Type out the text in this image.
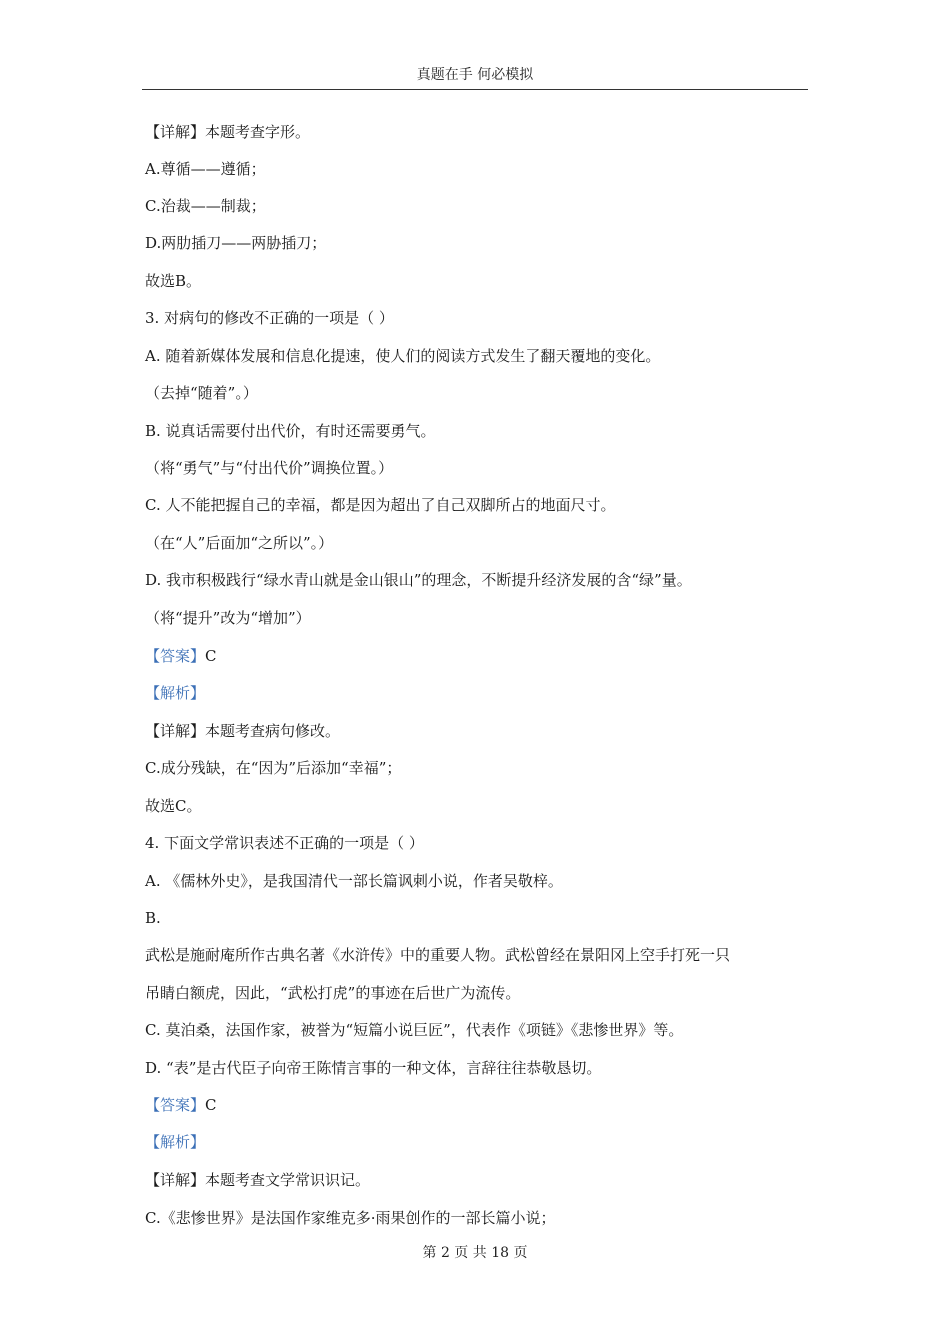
真题在手 何必模拟
【详解】本题考查字形。
A.尊循——遵循；
C.治裁——制裁；
D.两肋插刀——两胁插刀；
故选B。
3. 对病句的修改不正确的一项是（ ）
A. 随着新媒体发展和信息化提速，使人们的阅读方式发生了翻天覆地的变化。
（去掉“随着”。）
B. 说真话需要付出代价，有时还需要勇气。
（将“勇气”与“付出代价”调换位置。）
C. 人不能把握自己的幸福，都是因为超出了自己双脚所占的地面尺寸。
（在“人”后面加“之所以”。）
D. 我市积极践行“绿水青山就是金山银山”的理念，不断提升经济发展的含“绿”量。
（将“提升”改为“增加”）
【答案】C
【解析】
【详解】本题考查病句修改。
C.成分残缺，在“因为”后添加“幸福”；
故选C。
4. 下面文学常识表述不正确的一项是（ ）
A. 《儒林外史》，是我国清代一部长篇讽刺小说，作者吴敬梓。
B.
武松是施耐庵所作古典名著《水浒传》中的重要人物。武松曾经在景阳冈上空手打死一只
吊睛白额虎，因此，“武松打虎”的事迹在后世广为流传。
C. 莫泊桑，法国作家，被誉为“短篇小说巨匠”，代表作《项链》《悲惨世界》等。
D. “表”是古代臣子向帝王陈情言事的一种文体，言辞往往恭敬恳切。
【答案】C
【解析】
【详解】本题考查文学常识识记。
C.《悲惨世界》是法国作家维克多·雨果创作的一部长篇小说；
第 2 页 共 18 页
